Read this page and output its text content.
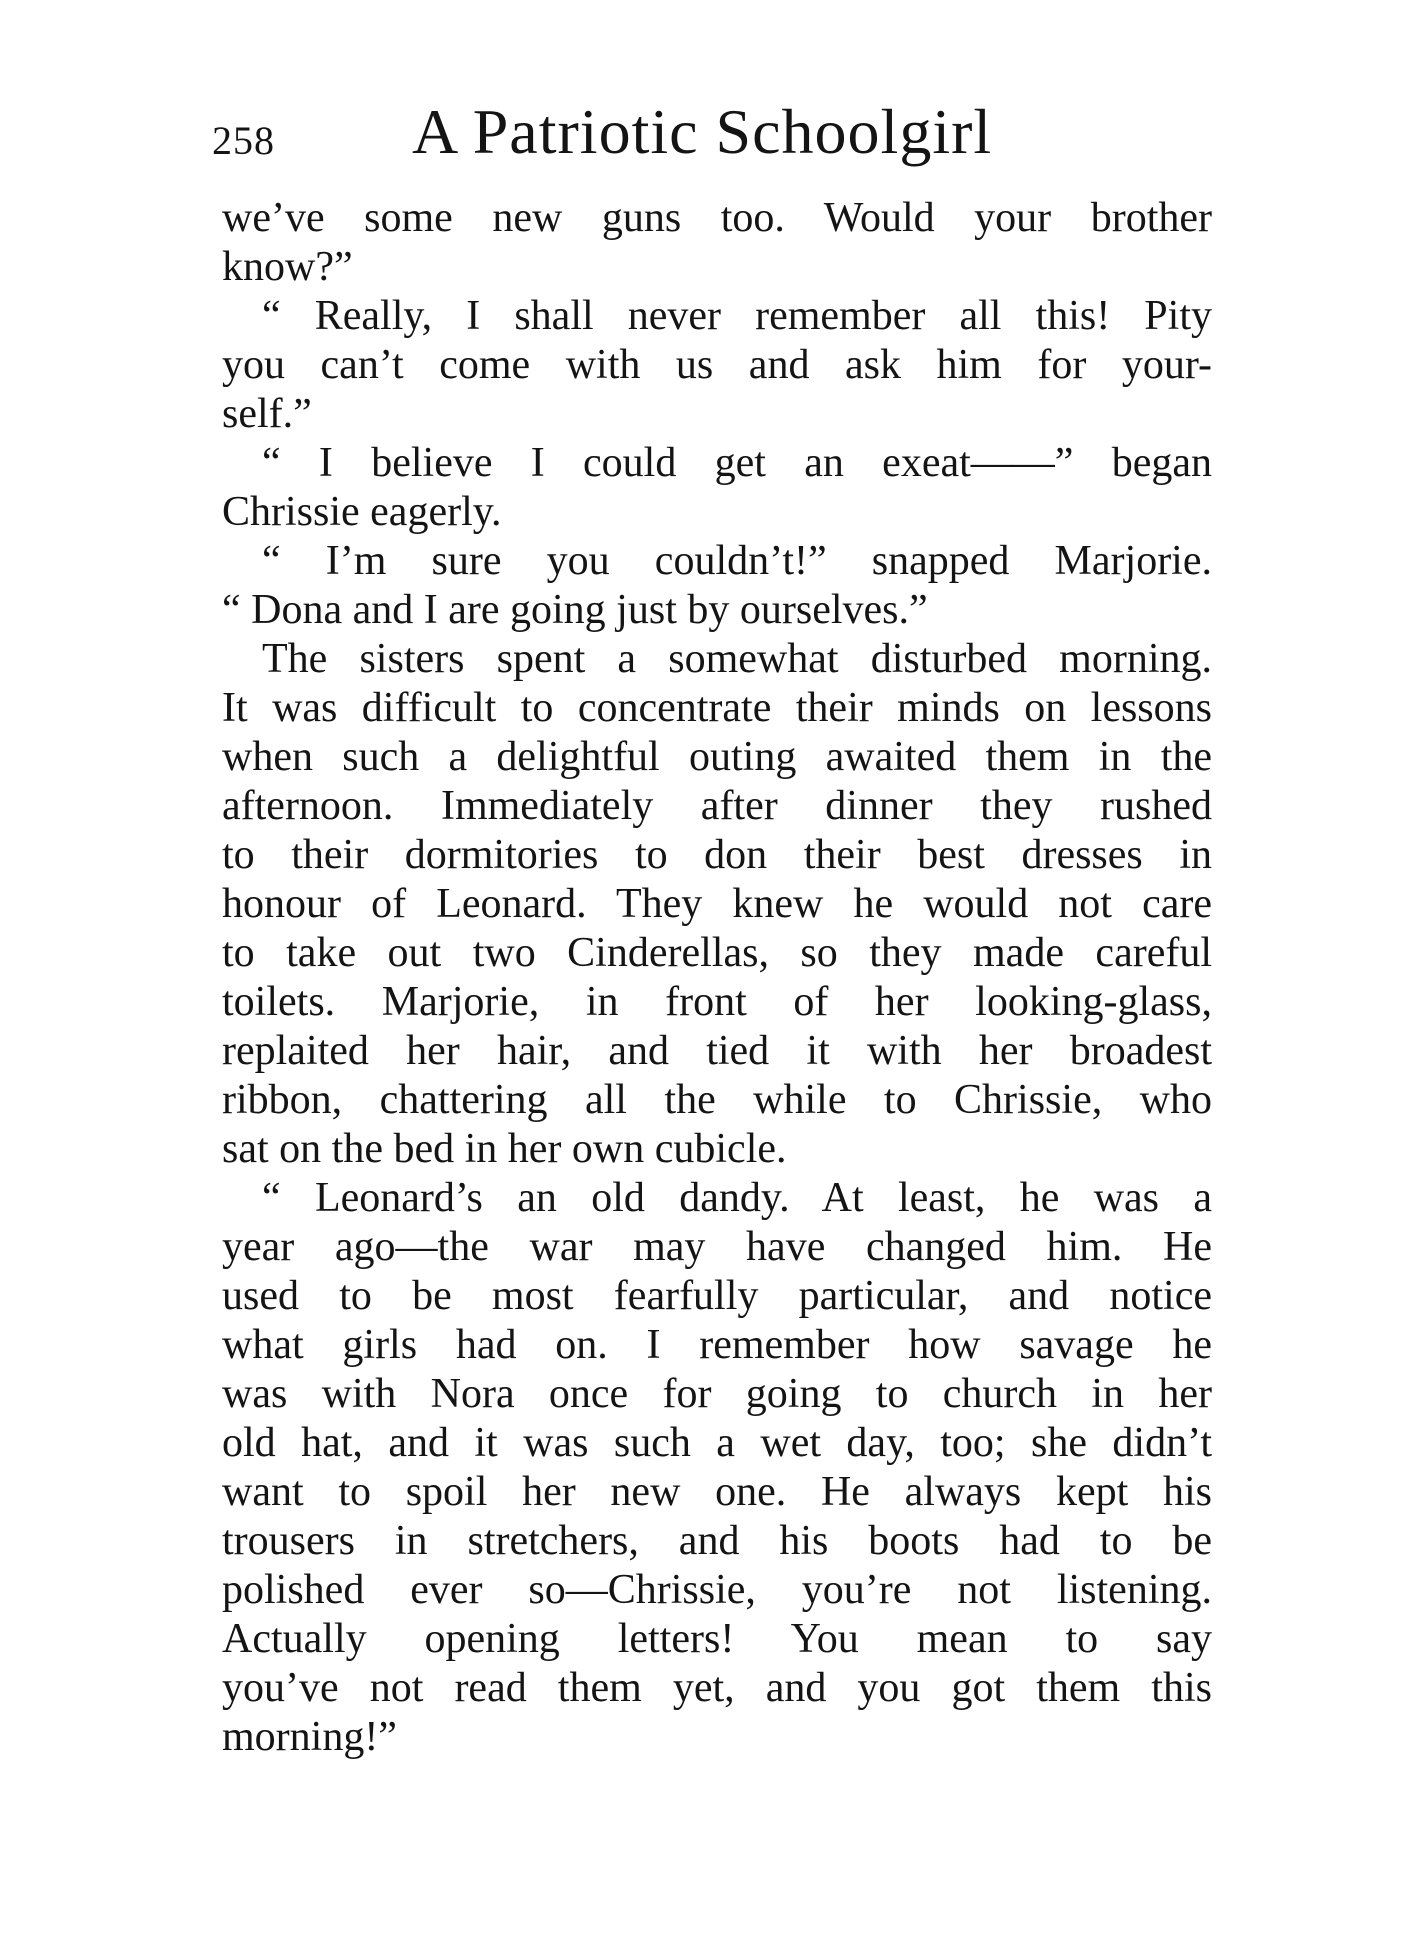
258 A Patriotic Schoolgirl
we’ve some new guns too. Would your brother
know?”
“ Really, I shall never remember all this! Pity
you can’t come with us and ask him for your-
self.”
“ I believe I could get an exeat——” began
Chrissie eagerly.
“ I’m sure you couldn’t!” snapped Marjorie.
“ Dona and I are going just by ourselves.”
The sisters spent a somewhat disturbed morning.
It was difficult to concentrate their minds on lessons
when such a delightful outing awaited them in the
afternoon. Immediately after dinner they rushed
to their dormitories to don their best dresses in
honour of Leonard. They knew he would not care
to take out two Cinderellas, so they made careful
toilets. Marjorie, in front of her looking-glass,
replaited her hair, and tied it with her broadest
ribbon, chattering all the while to Chrissie, who
sat on the bed in her own cubicle.
“ Leonard’s an old dandy. At least, he was a
year ago—the war may have changed him. He
used to be most fearfully particular, and notice
what girls had on. I remember how savage he
was with Nora once for going to church in her
old hat, and it was such a wet day, too; she didn’t
want to spoil her new one. He always kept his
trousers in stretchers, and his boots had to be
polished ever so—Chrissie, you’re not listening.
Actually opening letters! You mean to say
you’ve not read them yet, and you got them this
morning!”
